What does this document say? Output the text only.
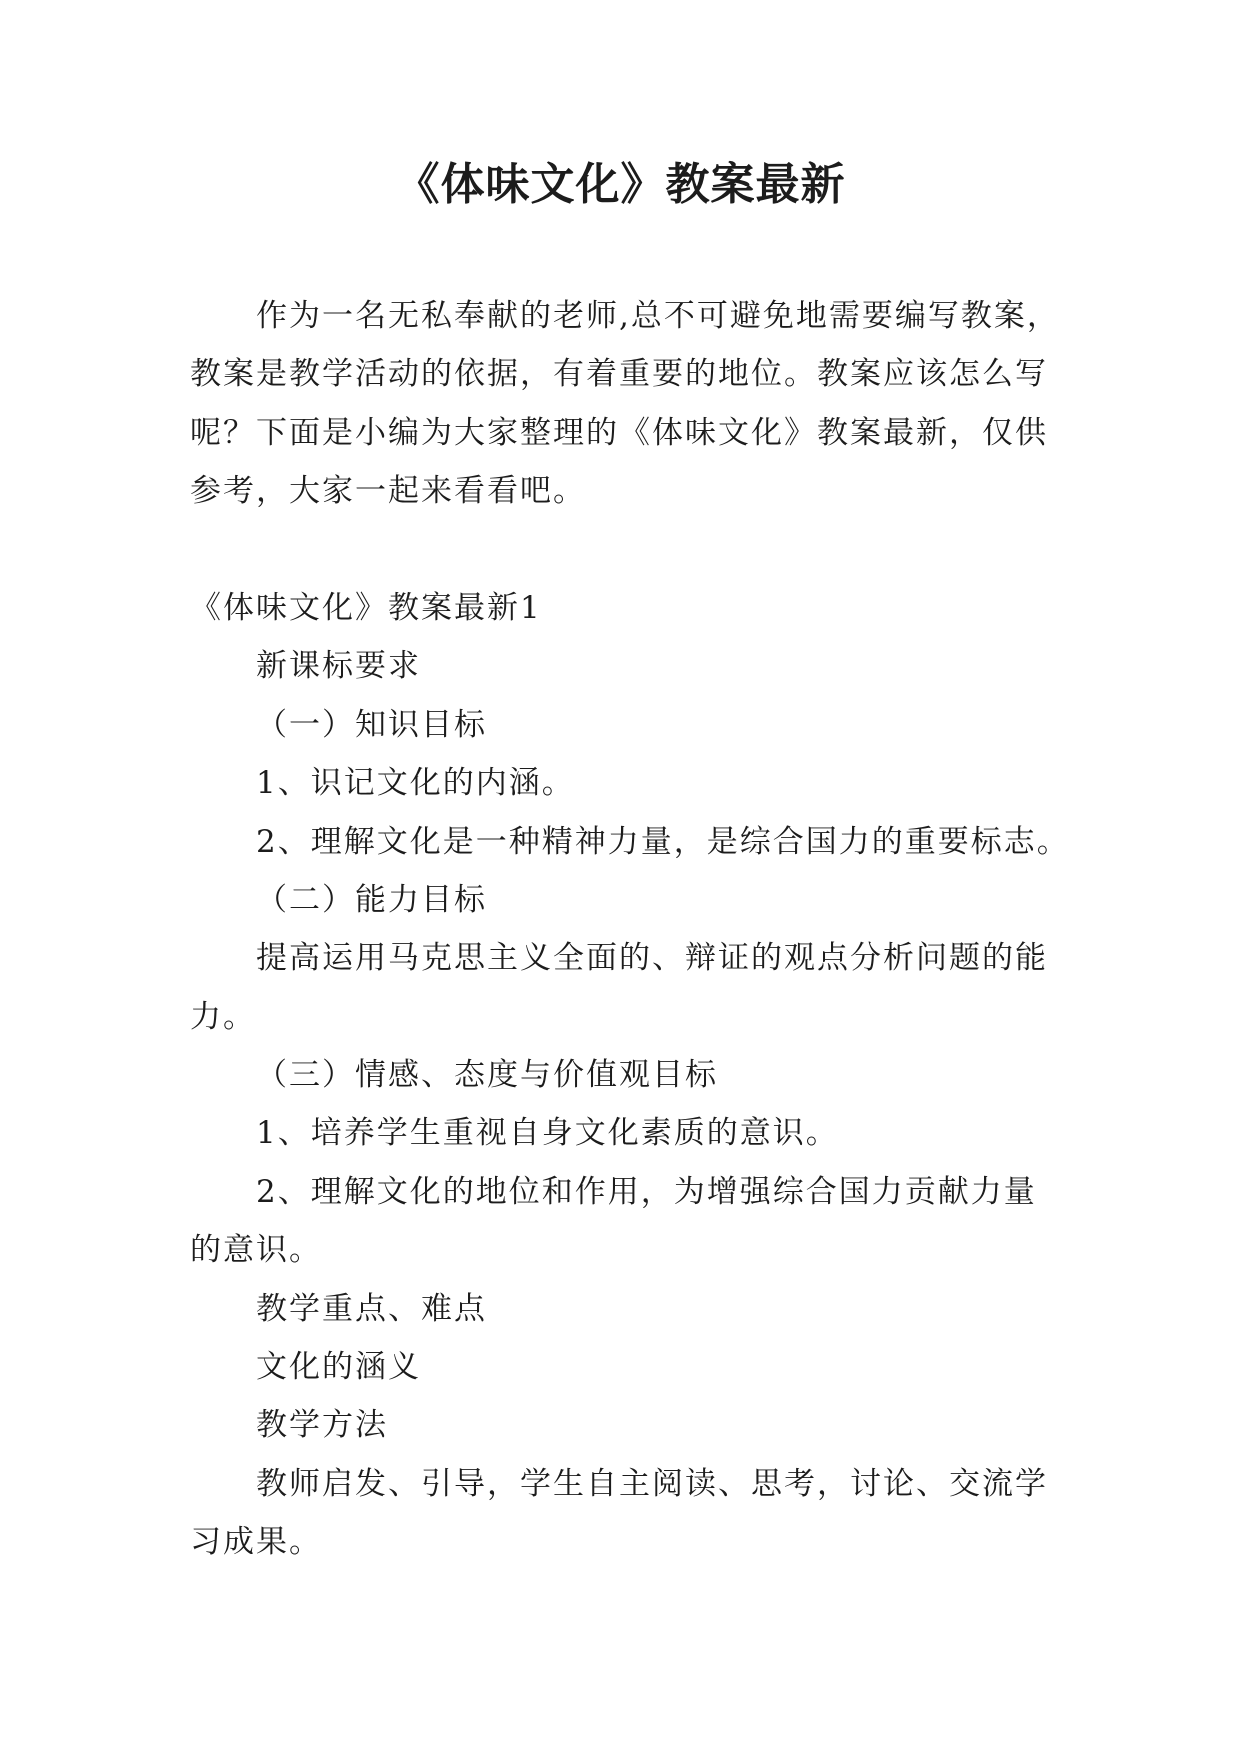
《体味文化》教案最新

作为一名无私奉献的老师,总不可避免地需要编写教案，

教案是教学活动的依据，有着重要的地位。教案应该怎么写

呢？下面是小编为大家整理的《体味文化》教案最新，仅供

参考，大家一起来看看吧。

《体味文化》教案最新1

新课标要求

（一）知识目标

1、识记文化的内涵。

2、理解文化是一种精神力量，是综合国力的重要标志。

（二）能力目标

提高运用马克思主义全面的、辩证的观点分析问题的能

力。

（三）情感、态度与价值观目标

1、培养学生重视自身文化素质的意识。

2、理解文化的地位和作用，为增强综合国力贡献力量

的意识。

教学重点、难点

文化的涵义

教学方法

教师启发、引导，学生自主阅读、思考，讨论、交流学

习成果。
